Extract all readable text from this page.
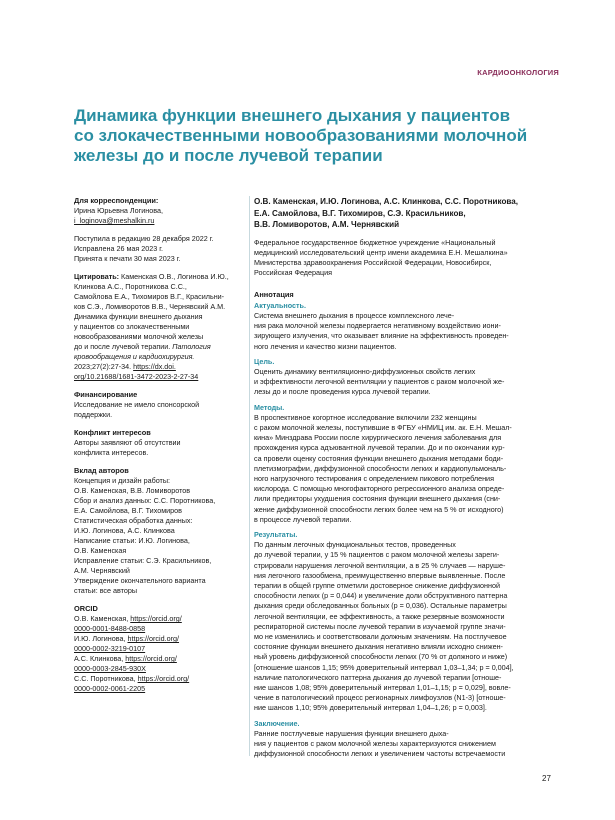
КАРДИООНКОЛОГИЯ
Динамика функции внешнего дыхания у пациентов
со злокачественными новообразованиями молочной
железы до и после лучевой терапии
Для корреспонденции:
Ирина Юрьевна Логинова,
i_loginova@meshalkin.ru
Поступила в редакцию 28 декабря 2022 г.
Исправлена 26 мая 2023 г.
Принята к печати 30 мая 2023 г.
Цитировать: Каменская О.В., Логинова И.Ю.,
Клинкова А.С., Поротникова С.С.,
Самойлова Е.А., Тихомиров В.Г., Красильни-
ков С.Э., Ломиворотов В.В., Чернявский А.М.
Динамика функции внешнего дыхания
у пациентов со злокачественными
новообразованиями молочной железы
до и после лучевой терапии. Патология
кровообращения и кардиохирургия.
2023;27(2):27-34. https://dx.doi.
org/10.21688/1681-3472-2023-2-27-34
Финансирование
Исследование не имело спонсорской
поддержки.
Конфликт интересов
Авторы заявляют об отсутствии
конфликта интересов.
Вклад авторов
Концепция и дизайн работы:
О.В. Каменская, В.В. Ломиворотов
Сбор и анализ данных: С.С. Поротникова,
Е.А. Самойлова, В.Г. Тихомиров
Статистическая обработка данных:
И.Ю. Логинова, А.С. Клинкова
Написание статьи: И.Ю. Логинова,
О.В. Каменская
Исправление статьи: С.Э. Красильников,
А.М. Чернявский
Утверждение окончательного варианта
статьи: все авторы
ORCID
О.В. Каменская, https://orcid.org/
0000-0001-8488-0858
И.Ю. Логинова, https://orcid.org/
0000-0002-3219-0107
А.С. Клинкова, https://orcid.org/
0000-0003-2845-930X
С.С. Поротникова, https://orcid.org/
0000-0002-0061-2205
О.В. Каменская, И.Ю. Логинова, А.С. Клинкова, С.С. Поротникова,
Е.А. Самойлова, В.Г. Тихомиров, С.Э. Красильников,
В.В. Ломиворотов, А.М. Чернявский
Федеральное государственное бюджетное учреждение «Национальный
медицинский исследовательский центр имени академика Е.Н. Мешалкина»
Министерства здравоохранения Российской Федерации, Новосибирск,
Российская Федерация
Аннотация
Актуальность.
Система внешнего дыхания в процессе комплексного лече-
ния рака молочной железы подвергается негативному воздействию иони-
зирующего излучения, что оказывает влияние на эффективность проведен-
ного лечения и качество жизни пациентов.
Цель.
Оценить динамику вентиляционно-диффузионных свойств легких
и эффективности легочной вентиляции у пациентов с раком молочной же-
лезы до и после проведения курса лучевой терапии.
Методы.
В проспективное когортное исследование включили 232 женщины
с раком молочной железы, поступившие в ФГБУ «НМИЦ им. ак. Е.Н. Мешал-
кина» Минздрава России после хирургического лечения заболевания для
прохождения курса адъювантной лучевой терапии. До и по окончании кур-
са провели оценку состояния функции внешнего дыхания методами боди-
плетизмографии, диффузионной способности легких и кардиопульмональ-
ного нагрузочного тестирования с определением пикового потребления
кислорода. С помощью многофакторного регрессионного анализа опреде-
лили предикторы ухудшения состояния функции внешнего дыхания (сни-
жение диффузионной способности легких более чем на 5 % от исходного)
в процессе лучевой терапии.
Результаты.
По данным легочных функциональных тестов, проведенных
до лучевой терапии, у 15 % пациентов с раком молочной железы зареги-
стрировали нарушения легочной вентиляции, а в 25 % случаев — наруше-
ния легочного газообмена, преимущественно впервые выявленные. После
терапии в общей группе отметили достоверное снижение диффузионной
способности легких (р = 0,044) и увеличение доли обструктивного паттерна
дыхания среди обследованных больных (р = 0,036). Остальные параметры
легочной вентиляции, ее эффективность, а также резервные возможности
респираторной системы после лучевой терапии в изучаемой группе значи-
мо не изменились и соответствовали должным значениям. На постлучевое
состояние функции внешнего дыхания негативно влияли исходно снижен-
ный уровень диффузионной способности легких (70 % от должного и ниже)
[отношение шансов 1,15; 95% доверительный интервал 1,03–1,34; р = 0,004],
наличие патологического паттерна дыхания до лучевой терапии [отноше-
ние шансов 1,08; 95% доверительный интервал 1,01–1,15; р = 0,029], вовле-
чение в патологический процесс регионарных лимфоузлов (N1-3) [отноше-
ние шансов 1,10; 95% доверительный интервал 1,04–1,26; р = 0,003].
Заключение.
Ранние постлучевые нарушения функции внешнего дыха-
ния у пациентов с раком молочной железы характеризуются снижением
диффузионной способности легких и увеличением частоты встречаемости
27
